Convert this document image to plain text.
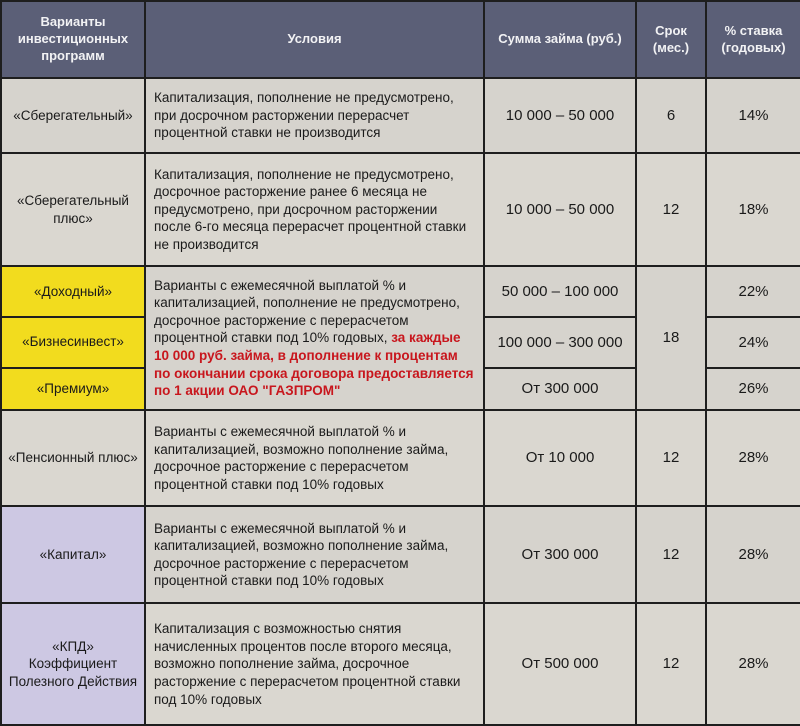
Варианты инвестиционных программ	Условия	Сумма займа (руб.)	Срок (мес.)	% ставка (годовых)
«Сберегательный»	Капитализация, пополнение не предусмотрено, при досрочном расторжении перерасчет процентной ставки не производится	10 000 – 50 000	6	14%
«Сберегательный плюс»	Капитализация, пополнение не предусмотрено, досрочное расторжение ранее 6 месяца не предусмотрено, при досрочном расторжении после 6-го месяца перерасчет процентной ставки не производится	10 000 – 50 000	12	18%
«Доходный»	Варианты с ежемесячной выплатой % и капитализацией, пополнение не предусмотрено, досрочное расторжение с перерасчетом процентной ставки под 10% годовых, за каждые 10 000 руб. займа, в дополнение к процентам по окончании срока договора предоставляется по 1 акции ОАО "ГАЗПРОМ"	50 000 – 100 000	18	22%
«Бизнесинвест»		100 000 – 300 000		24%
«Премиум»		От 300 000		26%
«Пенсионный плюс»	Варианты с ежемесячной выплатой % и капитализацией, возможно пополнение займа, досрочное расторжение с перерасчетом процентной ставки под 10% годовых	От 10 000	12	28%
«Капитал»	Варианты с ежемесячной выплатой % и капитализацией, возможно пополнение займа, досрочное расторжение с перерасчетом процентной ставки под 10% годовых	От 300 000	12	28%
«КПД» Коэффициент Полезного Действия	Капитализация с возможностью снятия начисленных процентов после второго месяца, возможно пополнение займа, досрочное расторжение с перерасчетом процентной ставки под 10% годовых	От 500 000	12	28%
